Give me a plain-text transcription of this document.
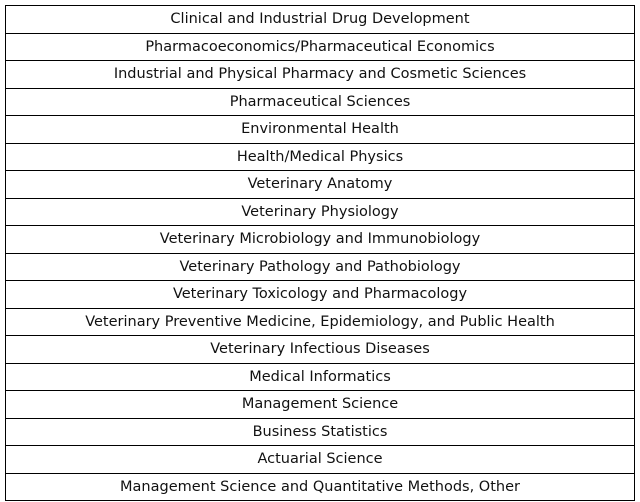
Clinical and Industrial Drug Development
Pharmacoeconomics/Pharmaceutical Economics
Industrial and Physical Pharmacy and Cosmetic Sciences
Pharmaceutical Sciences
Environmental Health
Health/Medical Physics
Veterinary Anatomy
Veterinary Physiology
Veterinary Microbiology and Immunobiology
Veterinary Pathology and Pathobiology
Veterinary Toxicology and Pharmacology
Veterinary Preventive Medicine, Epidemiology, and Public Health
Veterinary Infectious Diseases
Medical Informatics
Management Science
Business Statistics
Actuarial Science
Management Science and Quantitative Methods, Other
